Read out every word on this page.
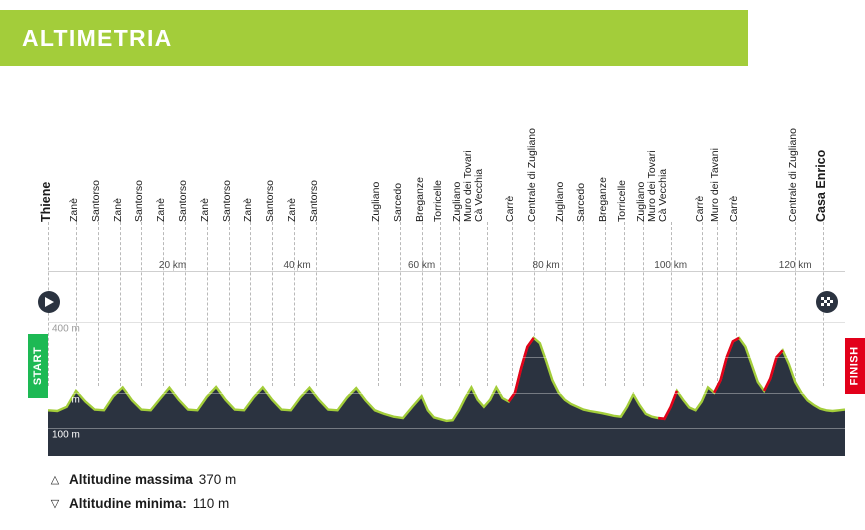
ALTIMETRIA
Thiene Zanè Santorso Zanè Santorso Zanè Santorso Zanè Santorso Zanè Santorso Zanè Santorso	Zugliano Sarcedo Breganze Torricelle Zugliano Muro dei Tovari Cà Vecchia Carrè Centrale di Zugliano Zugliano Sarcedo Breganze Torricelle Zugliano Muro dei Tovari Cà Vecchia Carrè Muro dei Tavani Carrè	Centrale di Zugliano Casa Enrico
20 km	40 km	60 km	80 km	100 km	120 km
400 m
300 m
200 m
100 m
START	FINISH
△ Altitudine massima 370 m
▽ Altitudine minima: 110 m
